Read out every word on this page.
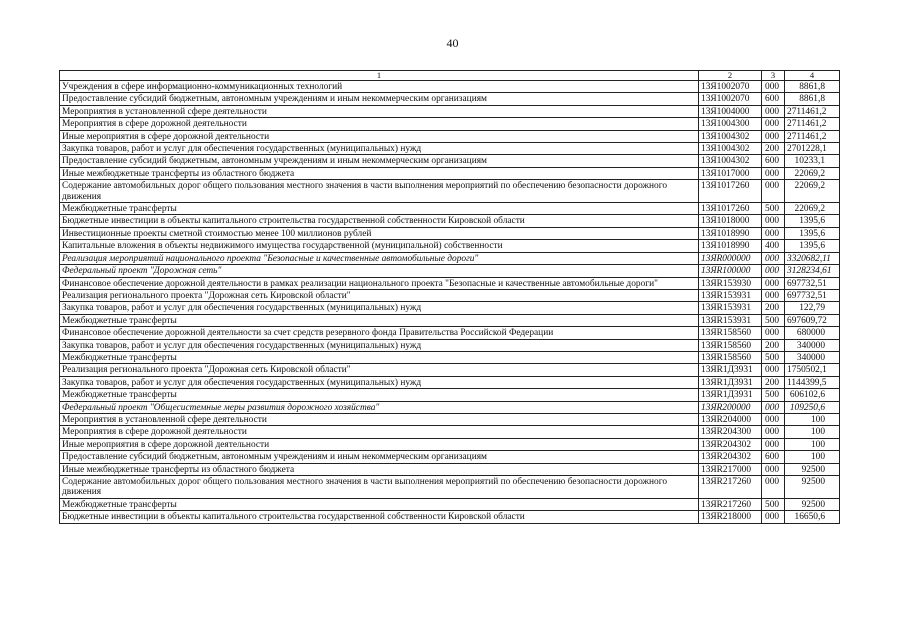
40
1	2	3	4
Учреждения в сфере информационно-коммуникационных технологий	13Я1002070	000	8861,8
Предоставление субсидий бюджетным, автономным учреждениям и иным некоммерческим организациям	13Я1002070	600	8861,8
Мероприятия в установленной сфере деятельности	13Я1004000	000	2711461,2
Мероприятия в сфере дорожной деятельности	13Я1004300	000	2711461,2
Иные мероприятия в сфере дорожной деятельности	13Я1004302	000	2711461,2
Закупка товаров, работ и услуг для обеспечения государственных (муниципальных) нужд	13Я1004302	200	2701228,1
Предоставление субсидий бюджетным, автономным учреждениям и иным некоммерческим организациям	13Я1004302	600	10233,1
Иные межбюджетные трансферты из областного бюджета	13Я1017000	000	22069,2
Содержание автомобильных дорог общего пользования местного значения в части выполнения мероприятий по обеспечению безопасности дорожного движения	13Я1017260	000	22069,2
Межбюджетные трансферты	13Я1017260	500	22069,2
Бюджетные инвестиции в объекты капитального строительства государственной собственности Кировской области	13Я1018000	000	1395,6
Инвестиционные проекты сметной стоимостью менее 100 миллионов рублей	13Я1018990	000	1395,6
Капитальные вложения в объекты недвижимого имущества государственной (муниципальной) собственности	13Я1018990	400	1395,6
Реализация мероприятий национального проекта "Безопасные и качественные автомобильные дороги"	13ЯR000000	000	3320682,11
Федеральный проект "Дорожная сеть"	13ЯR100000	000	3128234,61
Финансовое обеспечение дорожной деятельности в рамках реализации национального проекта "Безопасные и качественные автомобильные дороги"	13ЯR153930	000	697732,51
Реализация регионального проекта "Дорожная сеть Кировской области"	13ЯR153931	000	697732,51
Закупка товаров, работ и услуг для обеспечения государственных (муниципальных) нужд	13ЯR153931	200	122,79
Межбюджетные трансферты	13ЯR153931	500	697609,72
Финансовое обеспечение дорожной деятельности за счет средств резервного фонда Правительства Российской Федерации	13ЯR158560	000	680000
Закупка товаров, работ и услуг для обеспечения государственных (муниципальных) нужд	13ЯR158560	200	340000
Межбюджетные трансферты	13ЯR158560	500	340000
Реализация регионального проекта "Дорожная сеть Кировской области"	13ЯR1Д3931	000	1750502,1
Закупка товаров, работ и услуг для обеспечения государственных (муниципальных) нужд	13ЯR1Д3931	200	1144399,5
Межбюджетные трансферты	13ЯR1Д3931	500	606102,6
Федеральный проект "Общесистемные меры развития дорожного хозяйства"	13ЯR200000	000	109250,6
Мероприятия в установленной сфере деятельности	13ЯR204000	000	100
Мероприятия в сфере дорожной деятельности	13ЯR204300	000	100
Иные мероприятия в сфере дорожной деятельности	13ЯR204302	000	100
Предоставление субсидий бюджетным, автономным учреждениям и иным некоммерческим организациям	13ЯR204302	600	100
Иные межбюджетные трансферты из областного бюджета	13ЯR217000	000	92500
Содержание автомобильных дорог общего пользования местного значения в части выполнения мероприятий по обеспечению безопасности дорожного движения	13ЯR217260	000	92500
Межбюджетные трансферты	13ЯR217260	500	92500
Бюджетные инвестиции в объекты капитального строительства государственной собственности Кировской области	13ЯR218000	000	16650,6
